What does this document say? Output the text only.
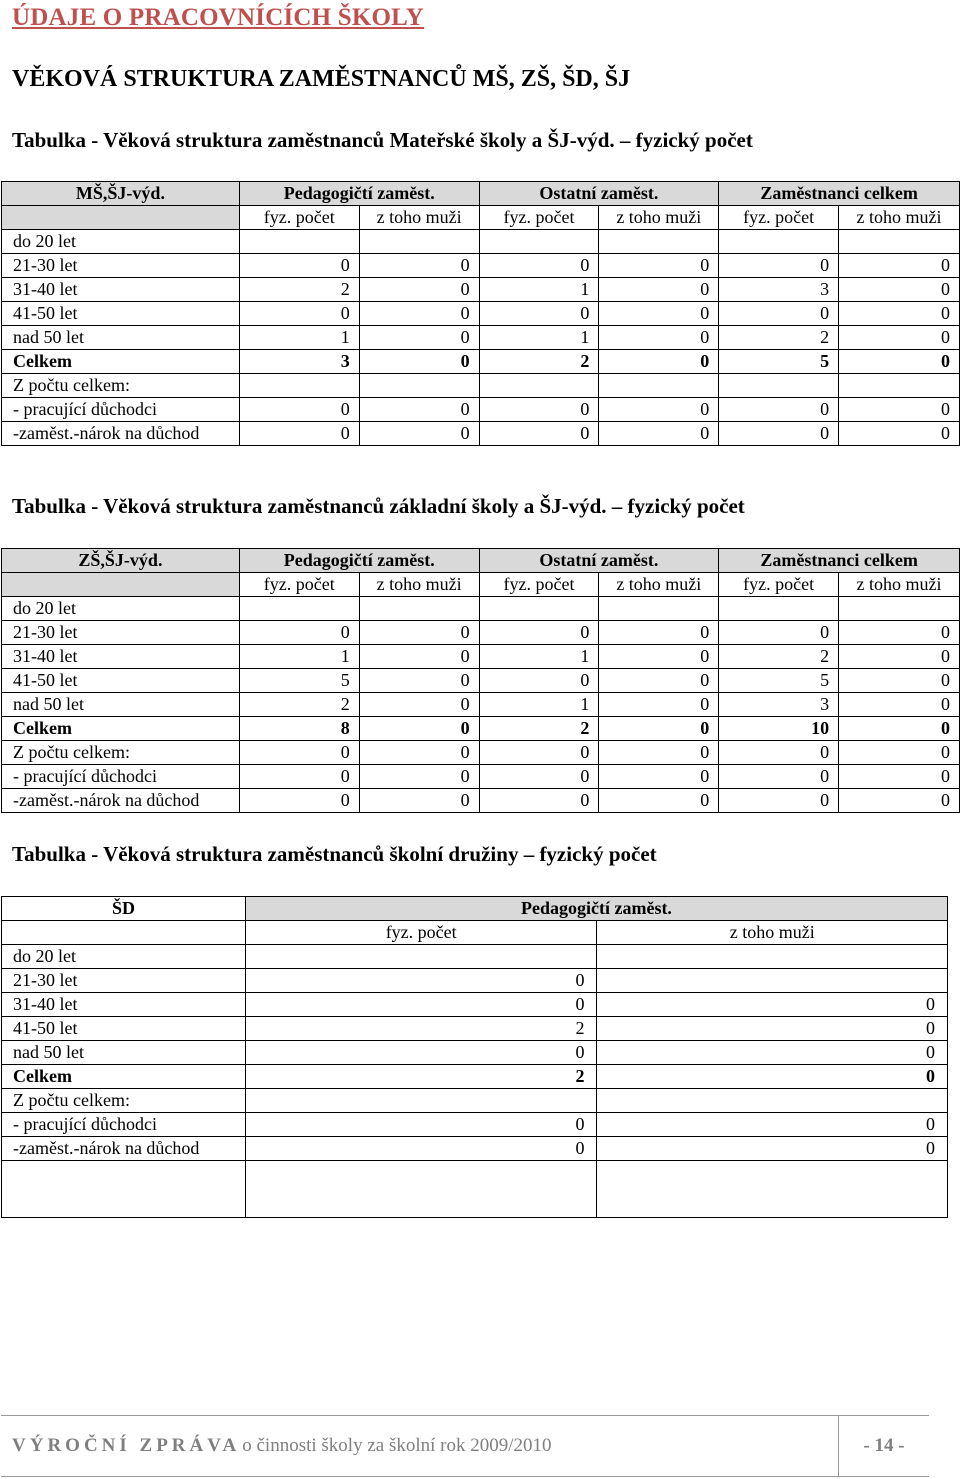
ÚDAJE O PRACOVNÍCÍCH ŠKOLY
VĚKOVÁ STRUKTURA ZAMĚSTNANCŮ MŠ, ZŠ, ŠD, ŠJ
Tabulka - Věková struktura zaměstnanců Mateřské školy a ŠJ-výd. – fyzický počet
MŠ,ŠJ-výd.	Pedagogičtí zaměst.		Ostatní zaměst.		Zaměstnanci celkem	
	fyz. počet	z toho muži	fyz. počet	z toho muži	fyz. počet	z toho muži
do 20 let						
21-30 let	0	0	0	0	0	0
31-40 let	2	0	1	0	3	0
41-50 let	0	0	0	0	0	0
nad 50 let	1	0	1	0	2	0
Celkem	3	0	2	0	5	0
Z počtu celkem:						
- pracující důchodci	0	0	0	0	0	0
-zaměst.-nárok na důchod	0	0	0	0	0	0
Tabulka - Věková struktura zaměstnanců základní školy a ŠJ-výd. – fyzický počet
ZŠ,ŠJ-výd.	Pedagogičtí zaměst.		Ostatní zaměst.		Zaměstnanci celkem	
	fyz. počet	z toho muži	fyz. počet	z toho muži	fyz. počet	z toho muži
do 20 let						
21-30 let	0	0	0	0	0	0
31-40 let	1	0	1	0	2	0
41-50 let	5	0	0	0	5	0
nad 50 let	2	0	1	0	3	0
Celkem	8	0	2	0	10	0
Z počtu celkem:	0	0	0	0	0	0
- pracující důchodci	0	0	0	0	0	0
-zaměst.-nárok na důchod	0	0	0	0	0	0
Tabulka - Věková struktura zaměstnanců školní družiny – fyzický počet
ŠD	Pedagogičtí zaměst.	
	fyz. počet	z toho muži
do 20 let		
21-30 let	0	
31-40 let	0	0
41-50 let	2	0
nad 50 let	0	0
Celkem	2	0
Z počtu celkem:		
- pracující důchodci	0	0
-zaměst.-nárok na důchod	0	0

VÝROČNÍ ZPRÁVA o činnosti školy za školní rok 2009/2010	- 14 -
